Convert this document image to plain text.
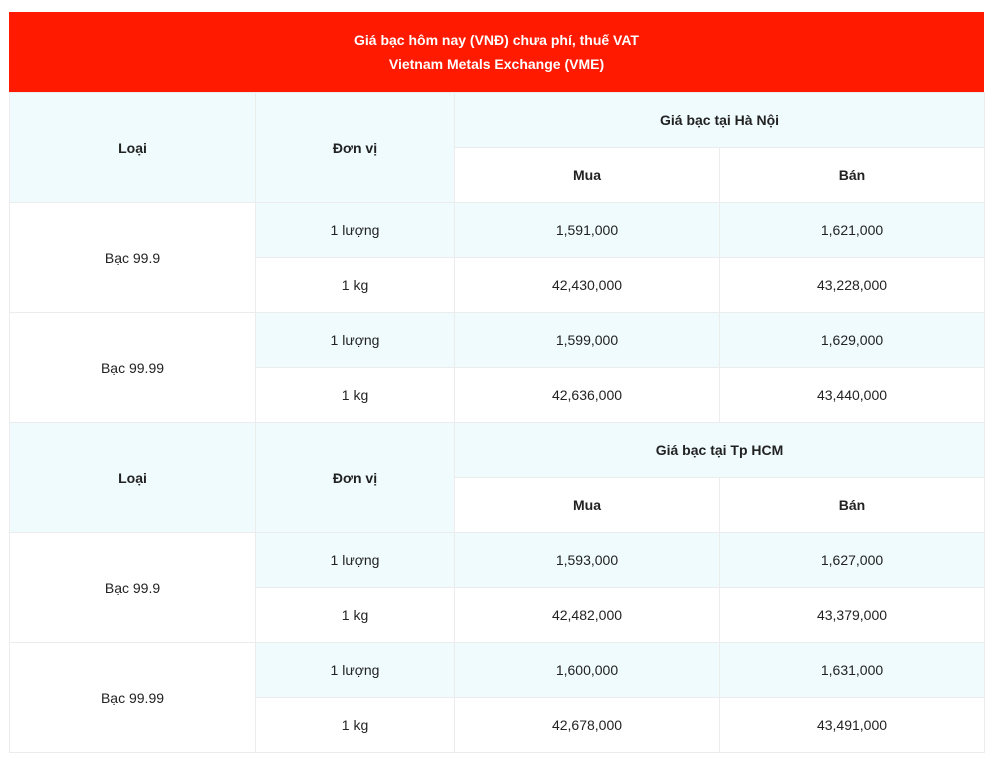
Giá bạc hôm nay (VNĐ) chưa phí, thuế VAT
Vietnam Metals Exchange (VME)
Loại	Đơn vị	Giá bạc tại Hà Nội	
		Mua	Bán
Bạc 99.9	1 lượng	1,591,000	1,621,000
	1 kg	42,430,000	43,228,000
Bạc 99.99	1 lượng	1,599,000	1,629,000
	1 kg	42,636,000	43,440,000
Loại	Đơn vị	Giá bạc tại Tp HCM	
		Mua	Bán
Bạc 99.9	1 lượng	1,593,000	1,627,000
	1 kg	42,482,000	43,379,000
Bạc 99.99	1 lượng	1,600,000	1,631,000
	1 kg	42,678,000	43,491,000
